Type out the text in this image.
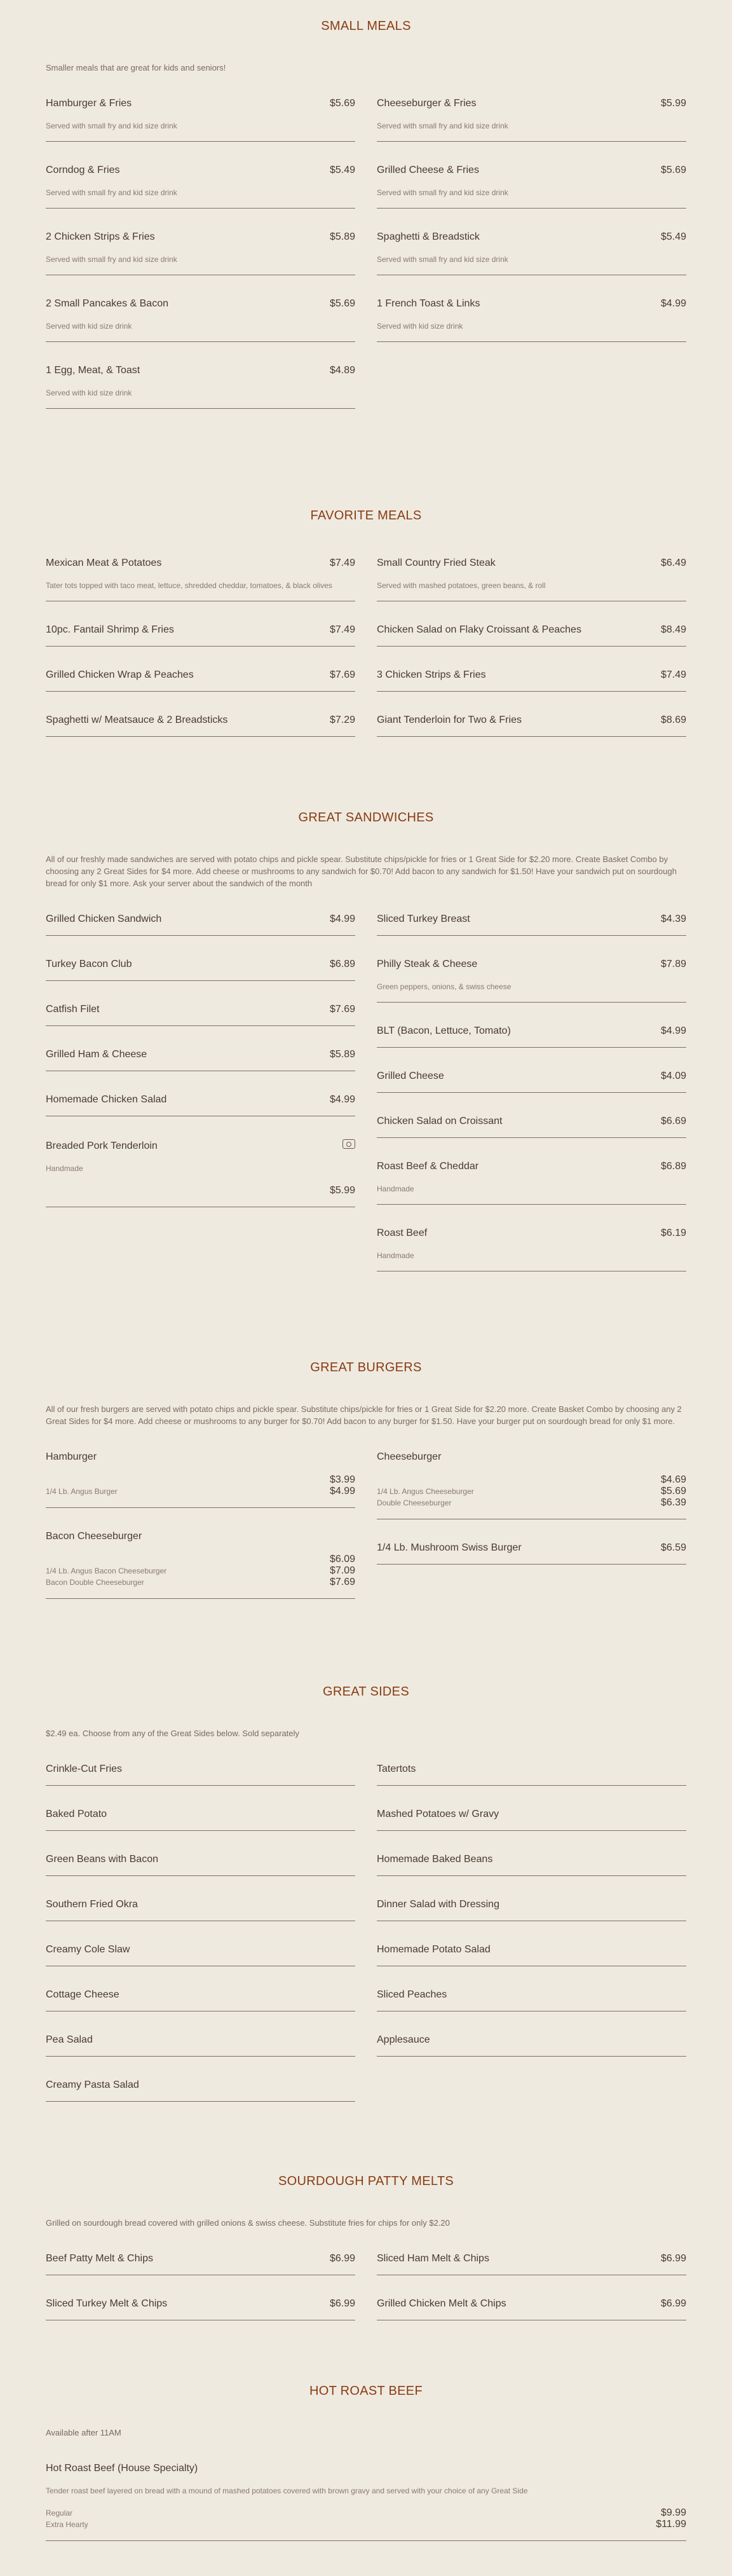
SMALL MEALS
Smaller meals that are great for kids and seniors!
Hamburger & Fries	$5.69
Served with small fry and kid size drink
Corndog & Fries	$5.49
Served with small fry and kid size drink
2 Chicken Strips & Fries	$5.89
Served with small fry and kid size drink
2 Small Pancakes & Bacon	$5.69
Served with kid size drink
1 Egg, Meat, & Toast	$4.89
Served with kid size drink
Cheeseburger & Fries	$5.99
Served with small fry and kid size drink
Grilled Cheese & Fries	$5.69
Served with small fry and kid size drink
Spaghetti & Breadstick	$5.49
Served with small fry and kid size drink
1 French Toast & Links	$4.99
Served with kid size drink
FAVORITE MEALS
Mexican Meat & Potatoes	$7.49
Tater tots topped with taco meat, lettuce, shredded cheddar, tomatoes, & black olives
10pc. Fantail Shrimp & Fries	$7.49
Grilled Chicken Wrap & Peaches	$7.69
Spaghetti w/ Meatsauce & 2 Breadsticks	$7.29
Small Country Fried Steak	$6.49
Served with mashed potatoes, green beans, & roll
Chicken Salad on Flaky Croissant & Peaches	$8.49
3 Chicken Strips & Fries	$7.49
Giant Tenderloin for Two & Fries	$8.69
GREAT SANDWICHES
All of our freshly made sandwiches are served with potato chips and pickle spear. Substitute chips/pickle for fries or 1 Great Side for $2.20 more. Create Basket Combo by choosing any 2 Great Sides for $4 more. Add cheese or mushrooms to any sandwich for $0.70! Add bacon to any sandwich for $1.50! Have your sandwich put on sourdough bread for only $1 more. Ask your server about the sandwich of the month
Grilled Chicken Sandwich	$4.99
Turkey Bacon Club	$6.89
Catfish Filet	$7.69
Grilled Ham & Cheese	$5.89
Homemade Chicken Salad	$4.99
Breaded Pork Tenderloin
Handmade
$5.99
Sliced Turkey Breast	$4.39
Philly Steak & Cheese	$7.89
Green peppers, onions, & swiss cheese
BLT (Bacon, Lettuce, Tomato)	$4.99
Grilled Cheese	$4.09
Chicken Salad on Croissant	$6.69
Roast Beef & Cheddar	$6.89
Handmade
Roast Beef	$6.19
Handmade
GREAT BURGERS
All of our fresh burgers are served with potato chips and pickle spear. Substitute chips/pickle for fries or 1 Great Side for $2.20 more. Create Basket Combo by choosing any 2 Great Sides for $4 more. Add cheese or mushrooms to any burger for $0.70! Add bacon to any burger for $1.50. Have your burger put on sourdough bread for only $1 more.
Hamburger
$3.99
1/4 Lb. Angus Burger	$4.99
Bacon Cheeseburger
$6.09
1/4 Lb. Angus Bacon Cheeseburger	$7.09
Bacon Double Cheeseburger	$7.69
Cheeseburger
$4.69
1/4 Lb. Angus Cheeseburger	$5.69
Double Cheeseburger	$6.39
1/4 Lb. Mushroom Swiss Burger	$6.59
GREAT SIDES
$2.49 ea. Choose from any of the Great Sides below. Sold separately
Crinkle-Cut Fries
Baked Potato
Green Beans with Bacon
Southern Fried Okra
Creamy Cole Slaw
Cottage Cheese
Pea Salad
Creamy Pasta Salad
Tatertots
Mashed Potatoes w/ Gravy
Homemade Baked Beans
Dinner Salad with Dressing
Homemade Potato Salad
Sliced Peaches
Applesauce
SOURDOUGH PATTY MELTS
Grilled on sourdough bread covered with grilled onions & swiss cheese. Substitute fries for chips for only $2.20
Beef Patty Melt & Chips	$6.99
Sliced Turkey Melt & Chips	$6.99
Sliced Ham Melt & Chips	$6.99
Grilled Chicken Melt & Chips	$6.99
HOT ROAST BEEF
Available after 11AM
Hot Roast Beef (House Specialty)
Tender roast beef layered on bread with a mound of mashed potatoes covered with brown gravy and served with your choice of any Great Side
Regular	$9.99
Extra Hearty	$11.99
